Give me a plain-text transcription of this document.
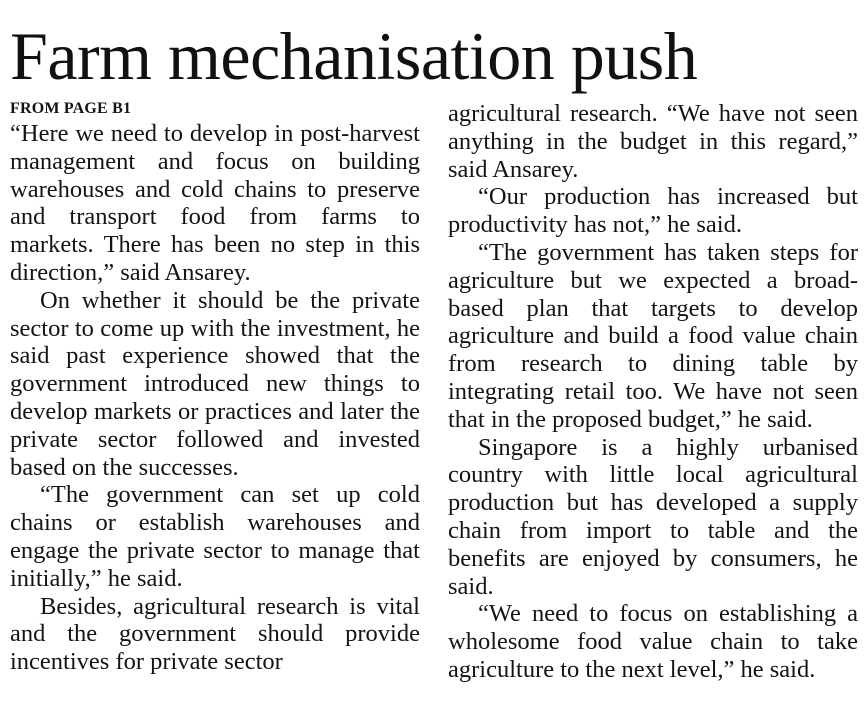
Farm mechanisation push
FROM PAGE B1

“Here we need to develop in post-harvest management and focus on building warehouses and cold chains to preserve and transport food from farms to markets. There has been no step in this direction,” said Ansarey.

On whether it should be the private sector to come up with the investment, he said past experience showed that the government introduced new things to develop markets or practices and later the private sector followed and invested based on the successes.

“The government can set up cold chains or establish warehouses and engage the private sector to manage that initially,” he said.

Besides, agricultural research is vital and the government should provide incentives for private sector

agricultural research. “We have not seen anything in the budget in this regard,” said Ansarey.

“Our production has increased but productivity has not,” he said.

“The government has taken steps for agriculture but we expected a broad-based plan that targets to develop agriculture and build a food value chain from research to dining table by integrating retail too. We have not seen that in the proposed budget,” he said.

Singapore is a highly urbanised country with little local agricultural production but has developed a supply chain from import to table and the benefits are enjoyed by consumers, he said.

“We need to focus on establishing a wholesome food value chain to take agriculture to the next level,” he said.
